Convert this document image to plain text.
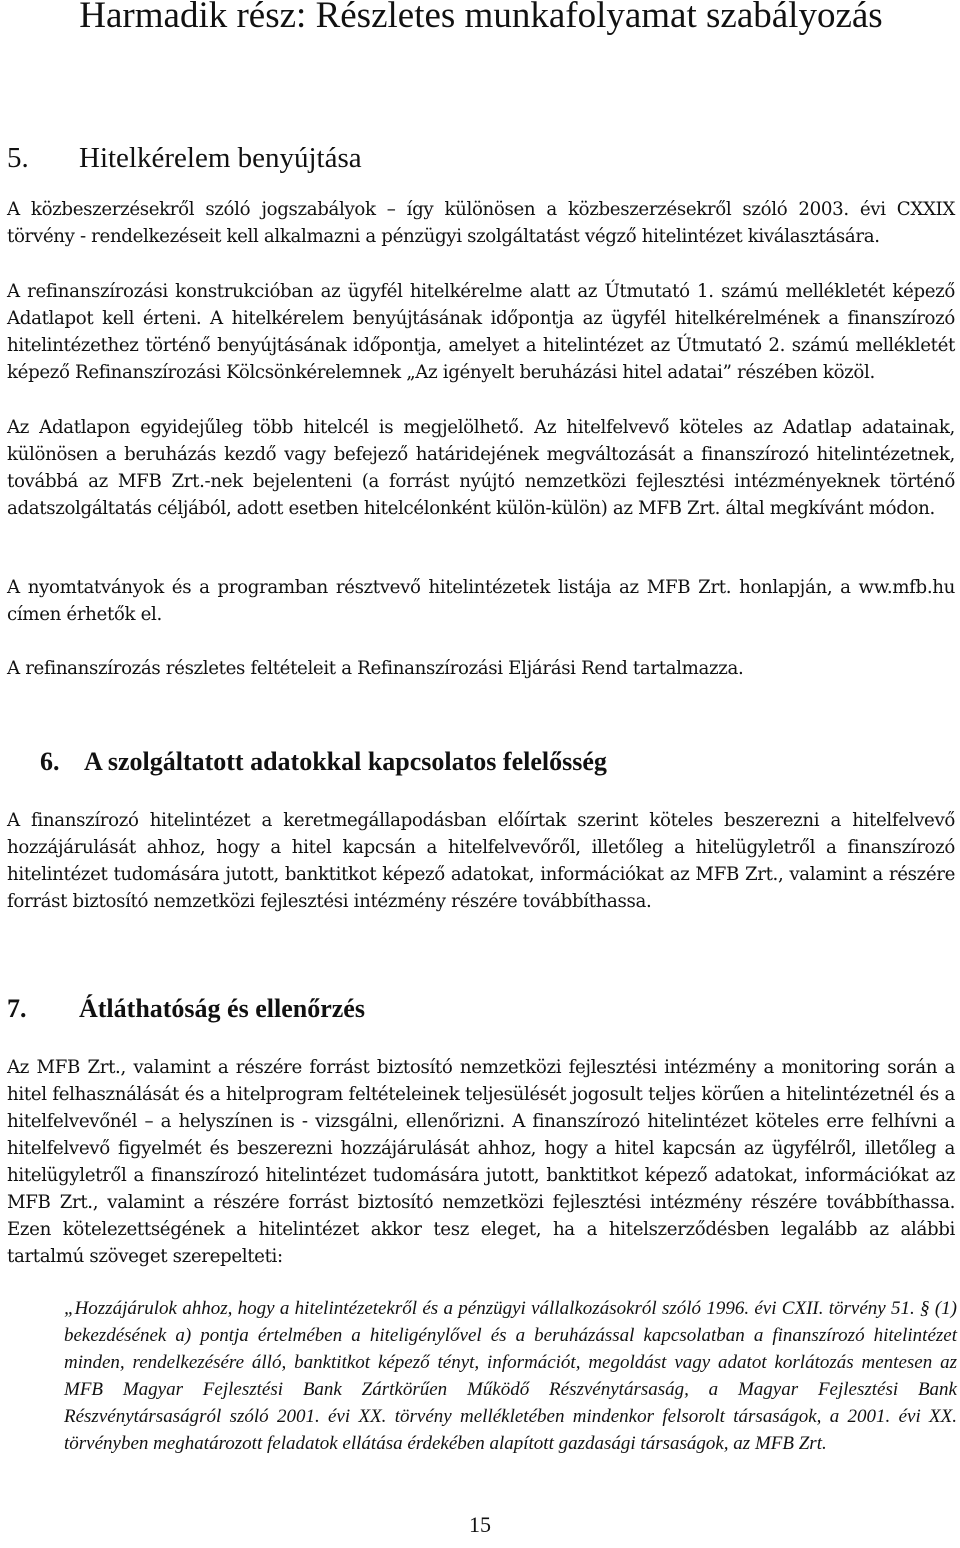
Harmadik rész: Részletes munkafolyamat szabályozás
5. Hitelkérelem benyújtása

A közbeszerzésekről szóló jogszabályok – így különösen a közbeszerzésekről szóló 2003. évi CXXIX törvény - rendelkezéseit kell alkalmazni a pénzügyi szolgáltatást végző hitelintézet kiválasztására.

A refinanszírozási konstrukcióban az ügyfél hitelkérelme alatt az Útmutató 1. számú mellékletét képező Adatlapot kell érteni. A hitelkérelem benyújtásának időpontja az ügyfél hitelkérelmének a finanszírozó hitelintézethez történő benyújtásának időpontja, amelyet a hitelintézet az Útmutató 2. számú mellékletét képező Refinanszírozási Kölcsönkérelemnek „Az igényelt beruházási hitel adatai” részében közöl.

Az Adatlapon egyidejűleg több hitelcél is megjelölhető. Az hitelfelvevő köteles az Adatlap adatainak, különösen a beruházás kezdő vagy befejező határidejének megváltozását a finanszírozó hitelintézetnek, továbbá az MFB Zrt.-nek bejelenteni (a forrást nyújtó nemzetközi fejlesztési intézményeknek történő adatszolgáltatás céljából, adott esetben hitelcélonként külön-külön) az MFB Zrt. által megkívánt módon.

A nyomtatványok és a programban résztvevő hitelintézetek listája az MFB Zrt. honlapján, a ww.mfb.hu címen érhetők el.

A refinanszírozás részletes feltételeit a Refinanszírozási Eljárási Rend tartalmazza.

6. A szolgáltatott adatokkal kapcsolatos felelősség

A finanszírozó hitelintézet a keretmegállapodásban előírtak szerint köteles beszerezni a hitelfelvevő hozzájárulását ahhoz, hogy a hitel kapcsán a hitelfelvevőről, illetőleg a hitelügyletről a finanszírozó hitelintézet tudomására jutott, banktitkot képező adatokat, információkat az MFB Zrt., valamint a részére forrást biztosító nemzetközi fejlesztési intézmény részére továbbíthassa.

7. Átláthatóság és ellenőrzés

Az MFB Zrt., valamint a részére forrást biztosító nemzetközi fejlesztési intézmény a monitoring során a hitel felhasználását és a hitelprogram feltételeinek teljesülését jogosult teljes körűen a hitelintézetnél és a hitelfelvevőnél – a helyszínen is - vizsgálni, ellenőrizni. A finanszírozó hitelintézet köteles erre felhívni a hitelfelvevő figyelmét és beszerezni hozzájárulását ahhoz, hogy a hitel kapcsán az ügyfélről, illetőleg a hitelügyletről a finanszírozó hitelintézet tudomására jutott, banktitkot képező adatokat, információkat az MFB Zrt., valamint a részére forrást biztosító nemzetközi fejlesztési intézmény részére továbbíthassa. Ezen kötelezettségének a hitelintézet akkor tesz eleget, ha a hitelszerződésben legalább az alábbi tartalmú szöveget szerepelteti:

„Hozzájárulok ahhoz, hogy a hitelintézetekről és a pénzügyi vállalkozásokról szóló 1996. évi CXII. törvény 51. § (1) bekezdésének a) pontja értelmében a hiteligénylővel és a beruházással kapcsolatban a finanszírozó hitelintézet minden, rendelkezésére álló, banktitkot képező tényt, információt, megoldást vagy adatot korlátozás mentesen az MFB Magyar Fejlesztési Bank Zártkörűen Működő Részvénytársaság, a Magyar Fejlesztési Bank Részvénytársaságról szóló 2001. évi XX. törvény mellékletében mindenkor felsorolt társaságok, a 2001. évi XX. törvényben meghatározott feladatok ellátása érdekében alapított gazdasági társaságok, az MFB Zrt.

15
